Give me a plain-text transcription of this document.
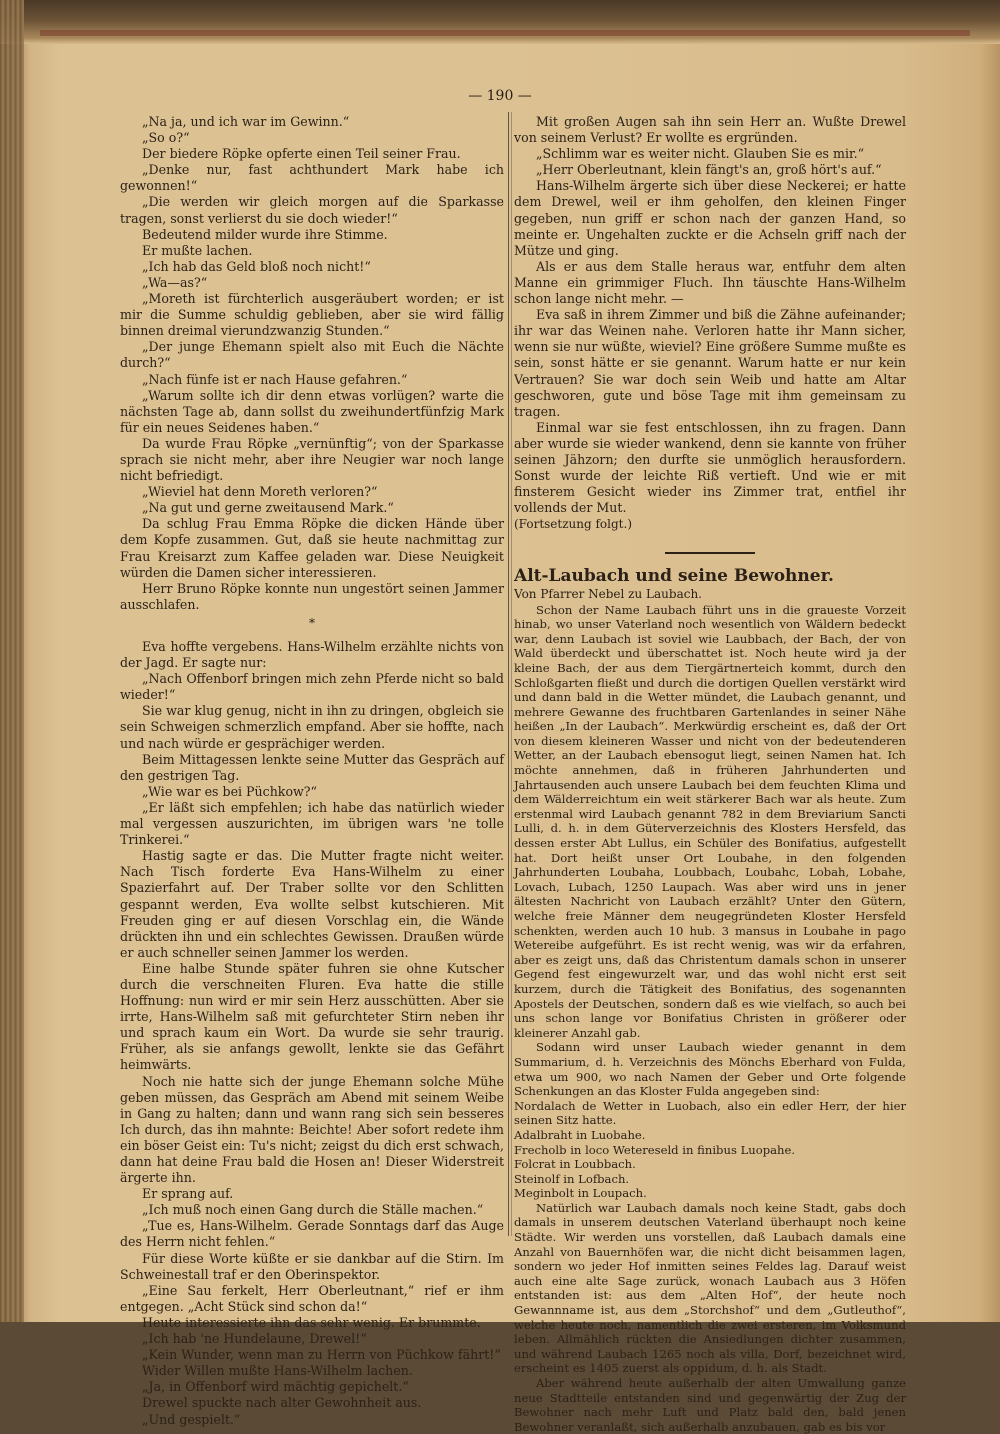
— 190 —

„Na ja, und ich war im Gewinn.“

„So o?“

Der biedere Röpke opferte einen Teil seiner Frau.

„Denke nur, fast achthundert Mark habe ich gewonnen!“

„Die werden wir gleich morgen auf die Sparkasse tragen, sonst verlierst du sie doch wieder!“

Bedeutend milder wurde ihre Stimme.

Er mußte lachen.

„Ich hab das Geld bloß noch nicht!“

„Wa—as?“

„Moreth ist fürchterlich ausgeräubert worden; er ist mir die Summe schuldig geblieben, aber sie wird fällig binnen dreimal vierundzwanzig Stunden.“

„Der junge Ehemann spielt also mit Euch die Nächte durch?“

„Nach fünfe ist er nach Hause gefahren.“

„Warum sollte ich dir denn etwas vorlügen? warte die nächsten Tage ab, dann sollst du zweihundertfünfzig Mark für ein neues Seidenes haben.“

Da wurde Frau Röpke „vernünftig“; von der Sparkasse sprach sie nicht mehr, aber ihre Neugier war noch lange nicht befriedigt.

„Wieviel hat denn Moreth verloren?“

„Na gut und gerne zweitausend Mark.“

Da schlug Frau Emma Röpke die dicken Hände über dem Kopfe zusammen. Gut, daß sie heute nachmittag zur Frau Kreisarzt zum Kaffee geladen war. Diese Neuigkeit würden die Damen sicher interessieren.

Herr Bruno Röpke konnte nun ungestört seinen Jammer ausschlafen.

*

Eva hoffte vergebens. Hans-Wilhelm erzählte nichts von der Jagd. Er sagte nur:

„Nach Offenborf bringen mich zehn Pferde nicht so bald wieder!“

Sie war klug genug, nicht in ihn zu dringen, obgleich sie sein Schweigen schmerzlich empfand. Aber sie hoffte, nach und nach würde er gesprächiger werden.

Beim Mittagessen lenkte seine Mutter das Gespräch auf den gestrigen Tag.

„Wie war es bei Püchkow?“

„Er läßt sich empfehlen; ich habe das natürlich wieder mal vergessen auszurichten, im übrigen wars 'ne tolle Trinkerei.“

Hastig sagte er das. Die Mutter fragte nicht weiter. Nach Tisch forderte Eva Hans-Wilhelm zu einer Spazierfahrt auf. Der Traber sollte vor den Schlitten gespannt werden, Eva wollte selbst kutschieren. Mit Freuden ging er auf diesen Vorschlag ein, die Wände drückten ihn und ein schlechtes Gewissen. Draußen würde er auch schneller seinen Jammer los werden.

Eine halbe Stunde später fuhren sie ohne Kutscher durch die verschneiten Fluren. Eva hatte die stille Hoffnung: nun wird er mir sein Herz ausschütten. Aber sie irrte, Hans-Wilhelm saß mit gefurchteter Stirn neben ihr und sprach kaum ein Wort. Da wurde sie sehr traurig. Früher, als sie anfangs gewollt, lenkte sie das Gefährt heimwärts.

Noch nie hatte sich der junge Ehemann solche Mühe geben müssen, das Gespräch am Abend mit seinem Weibe in Gang zu halten; dann und wann rang sich sein besseres Ich durch, das ihn mahnte: Beichte! Aber sofort redete ihm ein böser Geist ein: Tu's nicht; zeigst du dich erst schwach, dann hat deine Frau bald die Hosen an! Dieser Widerstreit ärgerte ihn.

Er sprang auf.

„Ich muß noch einen Gang durch die Ställe machen.“

„Tue es, Hans-Wilhelm. Gerade Sonntags darf das Auge des Herrn nicht fehlen.“

Für diese Worte küßte er sie dankbar auf die Stirn. Im Schweinestall traf er den Oberinspektor.

„Eine Sau ferkelt, Herr Oberleutnant,“ rief er ihm entgegen. „Acht Stück sind schon da!“

Heute interessierte ihn das sehr wenig. Er brummte.

„Ich hab 'ne Hundelaune, Drewel!“

„Kein Wunder, wenn man zu Herrn von Püchkow fährt!“

Wider Willen mußte Hans-Wilhelm lachen.

„Ja, in Offenborf wird mächtig gepichelt.“

Drewel spuckte nach alter Gewohnheit aus.

„Und gespielt.“

Mit großen Augen sah ihn sein Herr an. Wußte Drewel von seinem Verlust? Er wollte es ergründen.

„Schlimm war es weiter nicht. Glauben Sie es mir.“

„Herr Oberleutnant, klein fängt's an, groß hört's auf.“

Hans-Wilhelm ärgerte sich über diese Neckerei; er hatte dem Drewel, weil er ihm geholfen, den kleinen Finger gegeben, nun griff er schon nach der ganzen Hand, so meinte er. Ungehalten zuckte er die Achseln griff nach der Mütze und ging.

Als er aus dem Stalle heraus war, entfuhr dem alten Manne ein grimmiger Fluch. Ihn täuschte Hans-Wilhelm schon lange nicht mehr. —

Eva saß in ihrem Zimmer und biß die Zähne aufeinander; ihr war das Weinen nahe. Verloren hatte ihr Mann sicher, wenn sie nur wüßte, wieviel? Eine größere Summe mußte es sein, sonst hätte er sie genannt. Warum hatte er nur kein Vertrauen? Sie war doch sein Weib und hatte am Altar geschworen, gute und böse Tage mit ihm gemeinsam zu tragen.

Einmal war sie fest entschlossen, ihn zu fragen. Dann aber wurde sie wieder wankend, denn sie kannte von früher seinen Jähzorn; den durfte sie unmöglich herausfordern. Sonst wurde der leichte Riß vertieft. Und wie er mit finsterem Gesicht wieder ins Zimmer trat, entfiel ihr vollends der Mut.

(Fortsetzung folgt.)

Alt-Laubach und seine Bewohner.

Von Pfarrer Nebel zu Laubach.

Schon der Name Laubach führt uns in die graueste Vorzeit hinab, wo unser Vaterland noch wesentlich von Wäldern bedeckt war, denn Laubach ist soviel wie Laubbach, der Bach, der von Wald überdeckt und überschattet ist. Noch heute wird ja der kleine Bach, der aus dem Tiergärtnerteich kommt, durch den Schloßgarten fließt und durch die dortigen Quellen verstärkt wird und dann bald in die Wetter mündet, die Laubach genannt, und mehrere Gewanne des fruchtbaren Gartenlandes in seiner Nähe heißen „In der Laubach“. Merkwürdig erscheint es, daß der Ort von diesem kleineren Wasser und nicht von der bedeutenderen Wetter, an der Laubach ebensogut liegt, seinen Namen hat. Ich möchte annehmen, daß in früheren Jahrhunderten und Jahrtausenden auch unsere Laubach bei dem feuchten Klima und dem Wälderreichtum ein weit stärkerer Bach war als heute. Zum erstenmal wird Laubach genannt 782 in dem Breviarium Sancti Lulli, d. h. in dem Güterverzeichnis des Klosters Hersfeld, das dessen erster Abt Lullus, ein Schüler des Bonifatius, aufgestellt hat. Dort heißt unser Ort Loubahe, in den folgenden Jahrhunderten Loubaha, Loubbach, Loubahc, Lobah, Lobahe, Lovach, Lubach, 1250 Laupach. Was aber wird uns in jener ältesten Nachricht von Laubach erzählt? Unter den Gütern, welche freie Männer dem neugegründeten Kloster Hersfeld schenkten, werden auch 10 hub. 3 mansus in Loubahe in pago Wetereibe aufgeführt. Es ist recht wenig, was wir da erfahren, aber es zeigt uns, daß das Christentum damals schon in unserer Gegend fest eingewurzelt war, und das wohl nicht erst seit kurzem, durch die Tätigkeit des Bonifatius, des sogenannten Apostels der Deutschen, sondern daß es wie vielfach, so auch bei uns schon lange vor Bonifatius Christen in größerer oder kleinerer Anzahl gab.

Sodann wird unser Laubach wieder genannt in dem Summarium, d. h. Verzeichnis des Mönchs Eberhard von Fulda, etwa um 900, wo nach Namen der Geber und Orte folgende Schenkungen an das Kloster Fulda angegeben sind:

Nordalach de Wetter in Luobach, also ein edler Herr, der hier seinen Sitz hatte.

Adalbraht in Luobahe.

Frecholb in loco Wetereseld in finibus Luopahe.

Folcrat in Loubbach.

Steinolf in Lofbach.

Meginbolt in Loupach.

Natürlich war Laubach damals noch keine Stadt, gabs doch damals in unserem deutschen Vaterland überhaupt noch keine Städte. Wir werden uns vorstellen, daß Laubach damals eine Anzahl von Bauernhöfen war, die nicht dicht beisammen lagen, sondern wo jeder Hof inmitten seines Feldes lag. Darauf weist auch eine alte Sage zurück, wonach Laubach aus 3 Höfen entstanden ist: aus dem „Alten Hof“, der heute noch Gewannname ist, aus dem „Storchshof“ und dem „Gutleuthof“, welche heute noch, namentlich die zwei ersteren, im Volksmund leben. Allmählich rückten die Ansiedlungen dichter zusammen, und während Laubach 1265 noch als villa, Dorf, bezeichnet wird, erscheint es 1405 zuerst als oppidum, d. h. als Stadt.

Aber während heute außerhalb der alten Umwallung ganze neue Stadtteile entstanden sind und gegenwärtig der Zug der Bewohner nach mehr Luft und Platz bald den, bald jenen Bewohner veranlaßt, sich außerhalb anzubauen, gab es bis vor
